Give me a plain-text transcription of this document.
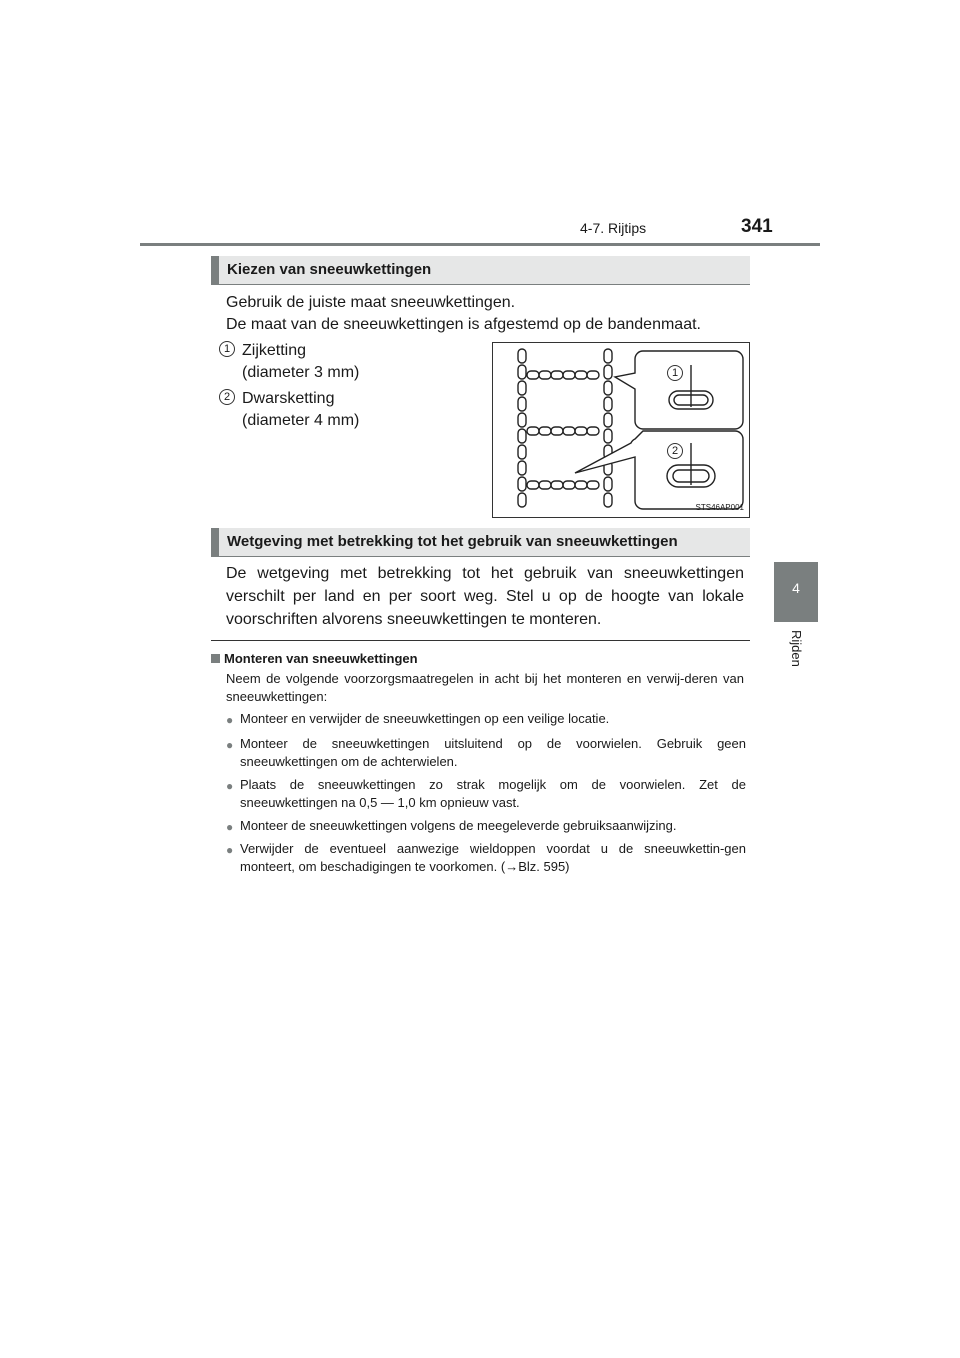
4-7. Rijtips	341
4
Rijden
Kiezen van sneeuwkettingen
Gebruik de juiste maat sneeuwkettingen.
De maat van de sneeuwkettingen is afgestemd op de bandenmaat.
1 Zijketting
(diameter 3 mm)
2 Dwarsketting
(diameter 4 mm)
1
2
STS46AP001
Wetgeving met betrekking tot het gebruik van sneeuwkettingen
De wetgeving met betrekking tot het gebruik van sneeuwkettingen verschilt per land en per soort weg. Stel u op de hoogte van lokale voorschriften alvorens sneeuwkettingen te monteren.
Monteren van sneeuwkettingen
Neem de volgende voorzorgsmaatregelen in acht bij het monteren en verwij-deren van sneeuwkettingen:
● Monteer en verwijder de sneeuwkettingen op een veilige locatie.
● Monteer de sneeuwkettingen uitsluitend op de voorwielen. Gebruik geen sneeuwkettingen om de achterwielen.
● Plaats de sneeuwkettingen zo strak mogelijk om de voorwielen. Zet de sneeuwkettingen na 0,5 — 1,0 km opnieuw vast.
● Monteer de sneeuwkettingen volgens de meegeleverde gebruiksaanwijzing.
● Verwijder de eventueel aanwezige wieldoppen voordat u de sneeuwkettin-gen monteert, om beschadigingen te voorkomen. (→Blz. 595)
